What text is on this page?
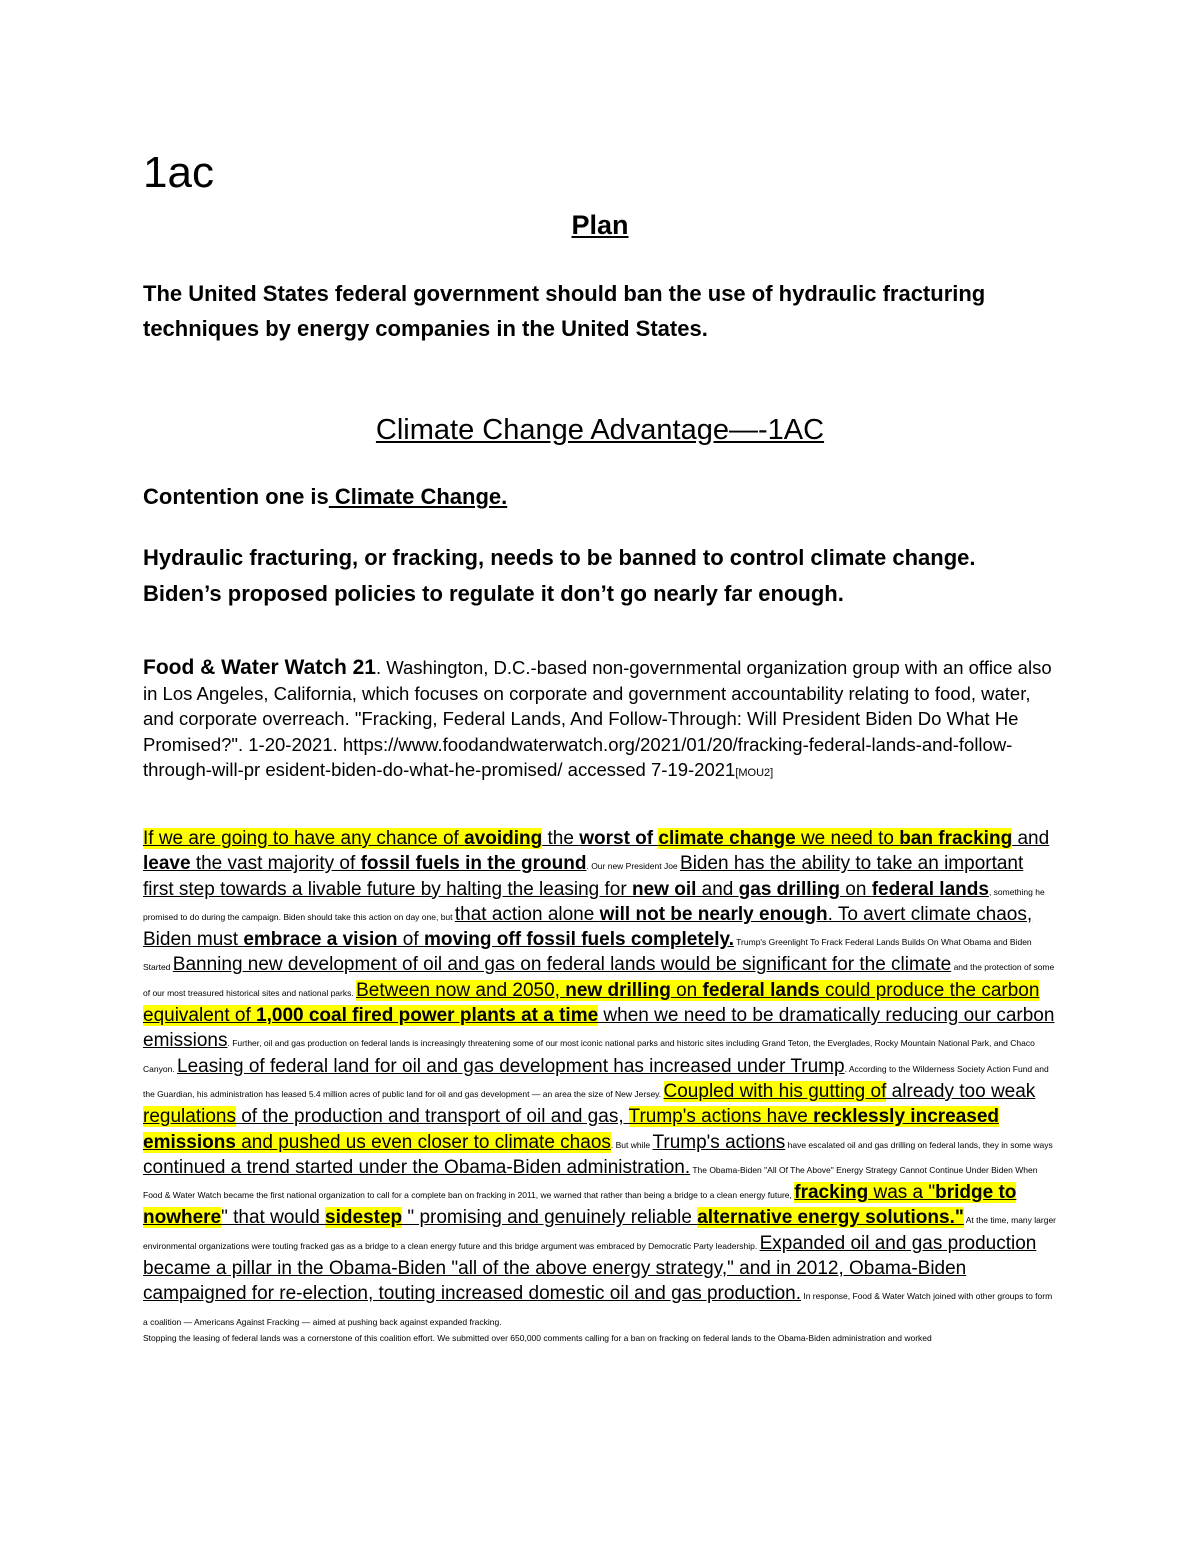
1ac
Plan
The United States federal government should ban the use of hydraulic fracturing techniques by energy companies in the United States.
Climate Change Advantage—-1AC
Contention one is Climate Change.
Hydraulic fracturing, or fracking, needs to be banned to control climate change. Biden’s proposed policies to regulate it don’t go nearly far enough.
Food & Water Watch 21. Washington, D.C.-based non-governmental organization group with an office also in Los Angeles, California, which focuses on corporate and government accountability relating to food, water, and corporate overreach. "Fracking, Federal Lands, And Follow-Through: Will President Biden Do What He Promised?". 1-20-2021. https://www.foodandwaterwatch.org/2021/01/20/fracking-federal-lands-and-follow-through-will-pr esident-biden-do-what-he-promised/ accessed 7-19-2021[MOU2]
If we are going to have any chance of avoiding the worst of climate change we need to ban fracking and leave the vast majority of fossil fuels in the ground. Our new President Joe Biden has the ability to take an important first step towards a livable future by halting the leasing for new oil and gas drilling on federal lands, something he promised to do during the campaign. Biden should take this action on day one, but that action alone will not be nearly enough. To avert climate chaos, Biden must embrace a vision of moving off fossil fuels completely. Trump's Greenlight To Frack Federal Lands Builds On What Obama and Biden Started Banning new development of oil and gas on federal lands would be significant for the climate and the protection of some of our most treasured historical sites and national parks. Between now and 2050, new drilling on federal lands could produce the carbon equivalent of 1,000 coal fired power plants at a time when we need to be dramatically reducing our carbon emissions. Further, oil and gas production on federal lands is increasingly threatening some of our most iconic national parks and historic sites including Grand Teton, the Everglades, Rocky Mountain National Park, and Chaco Canyon. Leasing of federal land for oil and gas development has increased under Trump. According to the Wilderness Society Action Fund and the Guardian, his administration has leased 5.4 million acres of public land for oil and gas development — an area the size of New Jersey. Coupled with his gutting of already too weak regulations of the production and transport of oil and gas, Trump's actions have recklessly increased emissions and pushed us even closer to climate chaos. But while Trump's actions have escalated oil and gas drilling on federal lands, they in some ways continued a trend started under the Obama-Biden administration. The Obama-Biden "All Of The Above" Energy Strategy Cannot Continue Under Biden When Food & Water Watch became the first national organization to call for a complete ban on fracking in 2011, we warned that rather than being a bridge to a clean energy future, fracking was a "bridge to nowhere" that would sidestep " promising and genuinely reliable alternative energy solutions." At the time, many larger environmental organizations were touting fracked gas as a bridge to a clean energy future and this bridge argument was embraced by Democratic Party leadership. Expanded oil and gas production became a pillar in the Obama-Biden "all of the above energy strategy," and in 2012, Obama-Biden campaigned for re-election, touting increased domestic oil and gas production. In response, Food & Water Watch joined with other groups to form a coalition — Americans Against Fracking — aimed at pushing back against expanded fracking.
Stopping the leasing of federal lands was a cornerstone of this coalition effort. We submitted over 650,000 comments calling for a ban on fracking on federal lands to the Obama-Biden administration and worked
